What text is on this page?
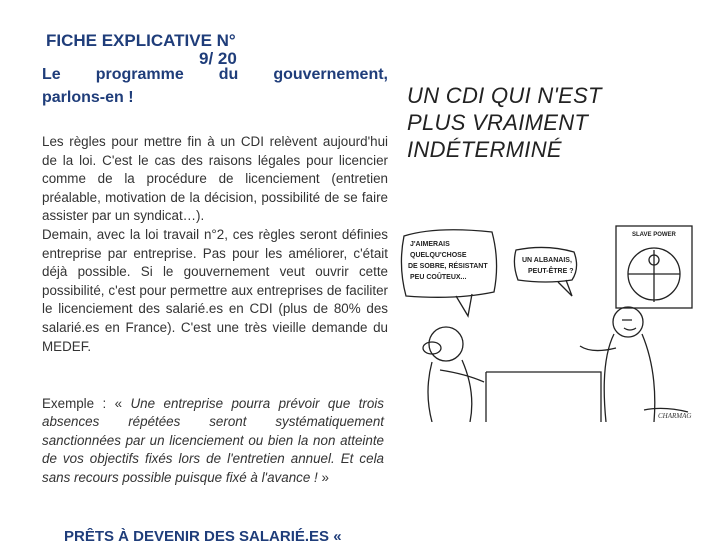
FICHE EXPLICATIVE N°
9/ 20
Le programme du gouvernement,
parlons-en !

Les règles pour mettre fin à un CDI relèvent aujourd'hui de la loi. C'est le cas des raisons légales pour licencier comme de la procédure de licenciement (entretien préalable, motivation de la décision, possibilité de se faire assister par un syndicat…).

Demain, avec la loi travail n°2, ces règles seront définies entreprise par entreprise. Pas pour les améliorer, c'était déjà possible. Si le gouvernement veut ouvrir cette possibilité, c'est pour permettre aux entreprises de faciliter le licenciement des salarié.es en CDI (plus de 80% des salarié.es en France). C'est une très vieille demande du MEDEF.

Exemple : « Une entreprise pourra prévoir que trois absences répétées seront systématiquement sanctionnées par un licenciement ou bien la non atteinte de vos objectifs fixés lors de l'entretien annuel. Et cela sans recours possible puisque fixé à l'avance ! »
PRÊTS À DEVENIR DES SALARIÉ.ES «
UN CDI QUI N'EST
PLUS VRAIMENT
INDÉTERMINÉ
J'AIMERAIS
QUELQU'CHOSE
DE SOBRE, RÉSISTANT
PEU COÛTEUX...
UN ALBANAIS,
PEUT-ÊTRE ?
SLAVE POWER
CHARMAG
